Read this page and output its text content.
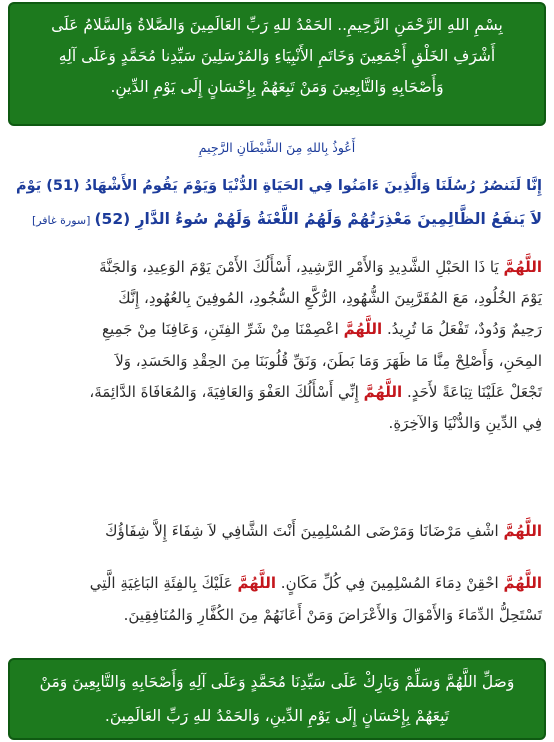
بِسْمِ اللهِ الرَّحْمَنِ الرَّحِيمِ.. الحَمْدُ للهِ رَبِّ العَالَمِينَ وَالصَّلاةُ وَالسَّلامُ عَلَى
أَشْرَفِ الخَلْقِ أَجْمَعِينَ وَخَاتَمِ الأَنْبِيَاءِ وَالمُرْسَلِينَ سَيِّدِنا مُحَمَّدٍ وَعَلَى آلِهِ
وَأَصْحَابِهِ وَالتَّابِعِينَ وَمَنْ تَبِعَهُمْ بِإِحْسَانٍ إِلَى يَوْمِ الدِّينِ.
أَعُوذُ بِاللهِ مِنَ الشَّيْطَانِ الرَّجِيمِ
إِنَّا لَنَنصُرُ رُسُلَنَا وَالَّذِينَ ءَامَنُوا فِي الحَيَاةِ الدُّنْيَا وَيَوْمَ يَقُومُ الأَشْهَادُ (51) يَوْمَ
لاَ يَنفَعُ الظَّالِمِينَ مَعْذِرَتُهُمْ وَلَهُمُ اللَّعْنَةُ وَلَهُمْ سُوءُ الدَّارِ (52)[سورة غافر]
اللَّهُمَّ يَا ذَا الحَبْلِ الشَّدِيدِ وَالأَمْرِ الرَّشِيدِ، أَسْأَلُكَ الأَمْنَ يَوْمَ الوَعِيدِ، وَالجَنَّةَ
يَوْمَ الخُلُودِ، مَعَ المُقَرَّبِينَ الشُّهُودِ، الرُّكَّعِ السُّجُودِ، المُوفِينَ بِالعُهُودِ، إِنَّكَ
رَحِيمٌ وَدُودٌ، تَفْعَلُ مَا تُرِيدُ. اللَّهُمَّ اعْصِمْنَا مِنْ شَرِّ الفِتَنِ، وَعَافِنَا مِنْ جَمِيعِ
المِحَنِ، وَأَصْلِحْ مِنَّا مَا ظَهَرَ وَمَا بَطَنَ، وَنَقِّ قُلُوبَنَا مِنَ الحِقْدِ وَالحَسَدِ، وَلاَ
تَجْعَلْ عَلَيْنَا تِبَاعَةً لأَحَدٍ. اللَّهُمَّ إِنِّي أَسْأَلُكَ العَفْوَ وَالعَافِيَةَ، وَالمُعَافَاةَ الدَّائِمَةَ،
فِي الدِّينِ وَالدُّنْيَا وَالآخِرَةِ.
اللَّهُمَّ اشْفِ مَرْضَانَا وَمَرْضَى المُسْلِمِينَ أَنْتَ الشَّافِي لاَ شِفَاءَ إِلاَّ شِفَاؤُكَ
اللَّهُمَّ احْقِنْ دِمَاءَ المُسْلِمِينَ فِي كُلِّ مَكَانٍ. اللَّهُمَّ عَلَيْكَ بِالفِئَةِ البَاغِيَةِ الَّتِي
تَسْتَحِلُّ الدِّمَاءَ وَالأَمْوَالَ وَالأَعْرَاضَ وَمَنْ أَعَانَهُمْ مِنَ الكُفَّارِ وَالمُنَافِقِينَ.
وَصَلِّ اللَّهُمَّ وَسَلِّمْ وَبَارِكْ عَلَى سَيِّدِنَا مُحَمَّدٍ وَعَلَى آلِهِ وَأَصْحَابِهِ وَالتَّابِعِينَ وَمَنْ
تَبِعَهُمْ بِإِحْسَانٍ إِلَى يَوْمِ الدِّينِ، وَالحَمْدُ للهِ رَبِّ العَالَمِينَ.
